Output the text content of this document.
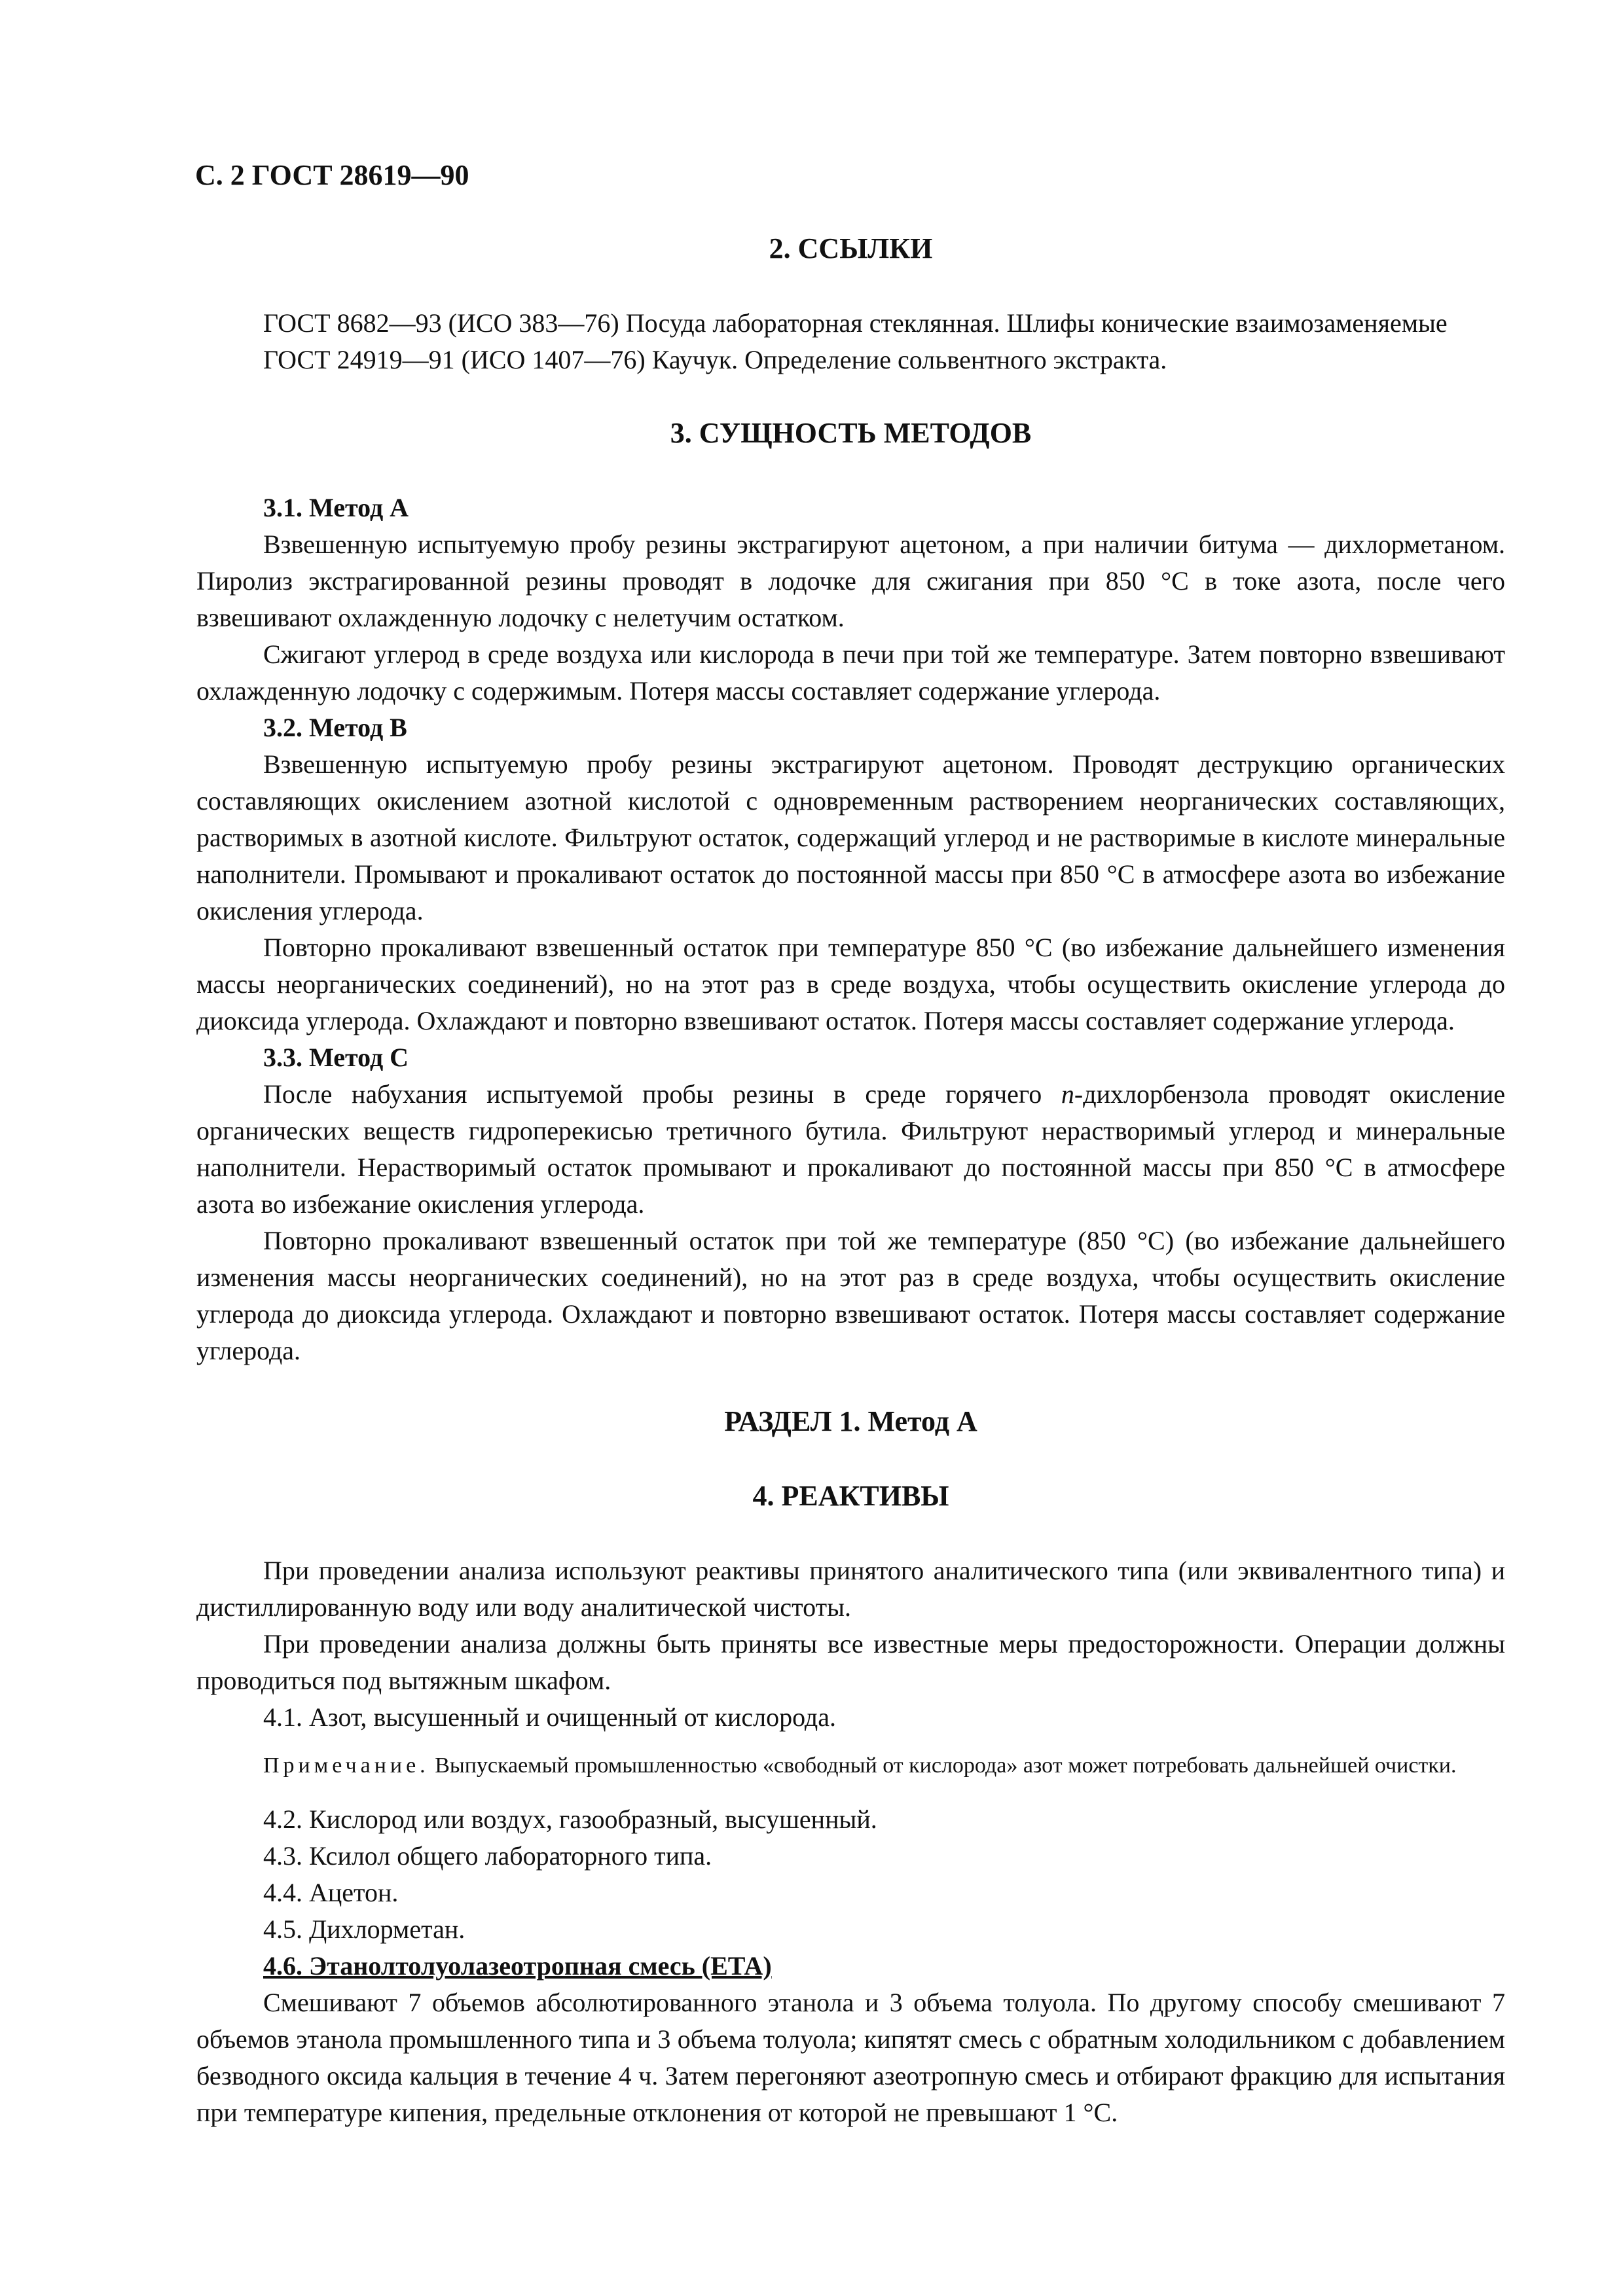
С. 2 ГОСТ 28619—90
2. ССЫЛКИ

ГОСТ 8682—93 (ИСО 383—76) Посуда лабораторная стеклянная. Шлифы конические взаимозаменяемые

ГОСТ 24919—91 (ИСО 1407—76) Каучук. Определение сольвентного экстракта.

3. СУЩНОСТЬ МЕТОДОВ

3.1. Метод А

Взвешенную испытуемую пробу резины экстрагируют ацетоном, а при наличии битума — дихлорметаном. Пиролиз экстрагированной резины проводят в лодочке для сжигания при 850 °С в токе азота, после чего взвешивают охлажденную лодочку с нелетучим остатком.

Сжигают углерод в среде воздуха или кислорода в печи при той же температуре. Затем повторно взвешивают охлажденную лодочку с содержимым. Потеря массы составляет содержание углерода.

3.2. Метод В

Взвешенную испытуемую пробу резины экстрагируют ацетоном. Проводят деструкцию органических составляющих окислением азотной кислотой с одновременным растворением неорганических составляющих, растворимых в азотной кислоте. Фильтруют остаток, содержащий углерод и не растворимые в кислоте минеральные наполнители. Промывают и прокаливают остаток до постоянной массы при 850 °С в атмосфере азота во избежание окисления углерода.

Повторно прокаливают взвешенный остаток при температуре 850 °С (во избежание дальнейшего изменения массы неорганических соединений), но на этот раз в среде воздуха, чтобы осуществить окисление углерода до диоксида углерода. Охлаждают и повторно взвешивают остаток. Потеря массы составляет содержание углерода.

3.3. Метод С

После набухания испытуемой пробы резины в среде горячего n-дихлорбензола проводят окисление органических веществ гидроперекисью третичного бутила. Фильтруют нерастворимый углерод и минеральные наполнители. Нерастворимый остаток промывают и прокаливают до постоянной массы при 850 °С в атмосфере азота во избежание окисления углерода.

Повторно прокаливают взвешенный остаток при той же температуре (850 °С) (во избежание дальнейшего изменения массы неорганических соединений), но на этот раз в среде воздуха, чтобы осуществить окисление углерода до диоксида углерода. Охлаждают и повторно взвешивают остаток. Потеря массы составляет содержание углерода.

РАЗДЕЛ 1. Метод А
4. РЕАКТИВЫ

При проведении анализа используют реактивы принятого аналитического типа (или эквивалентного типа) и дистиллированную воду или воду аналитической чистоты.

При проведении анализа должны быть приняты все известные меры предосторожности. Операции должны проводиться под вытяжным шкафом.

4.1. Азот, высушенный и очищенный от кислорода.

Примечание. Выпускаемый промышленностью «свободный от кислорода» азот может потребовать дальнейшей очистки.

4.2. Кислород или воздух, газообразный, высушенный.

4.3. Ксилол общего лабораторного типа.

4.4. Ацетон.

4.5. Дихлорметан.

4.6. Этанолтолуолазеотропная смесь (ЕТА)

Смешивают 7 объемов абсолютированного этанола и 3 объема толуола. По другому способу смешивают 7 объемов этанола промышленного типа и 3 объема толуола; кипятят смесь с обратным холодильником с добавлением безводного оксида кальция в течение 4 ч. Затем перегоняют азеотропную смесь и отбирают фракцию для испытания при температуре кипения, предельные отклонения от которой не превышают 1 °С.
